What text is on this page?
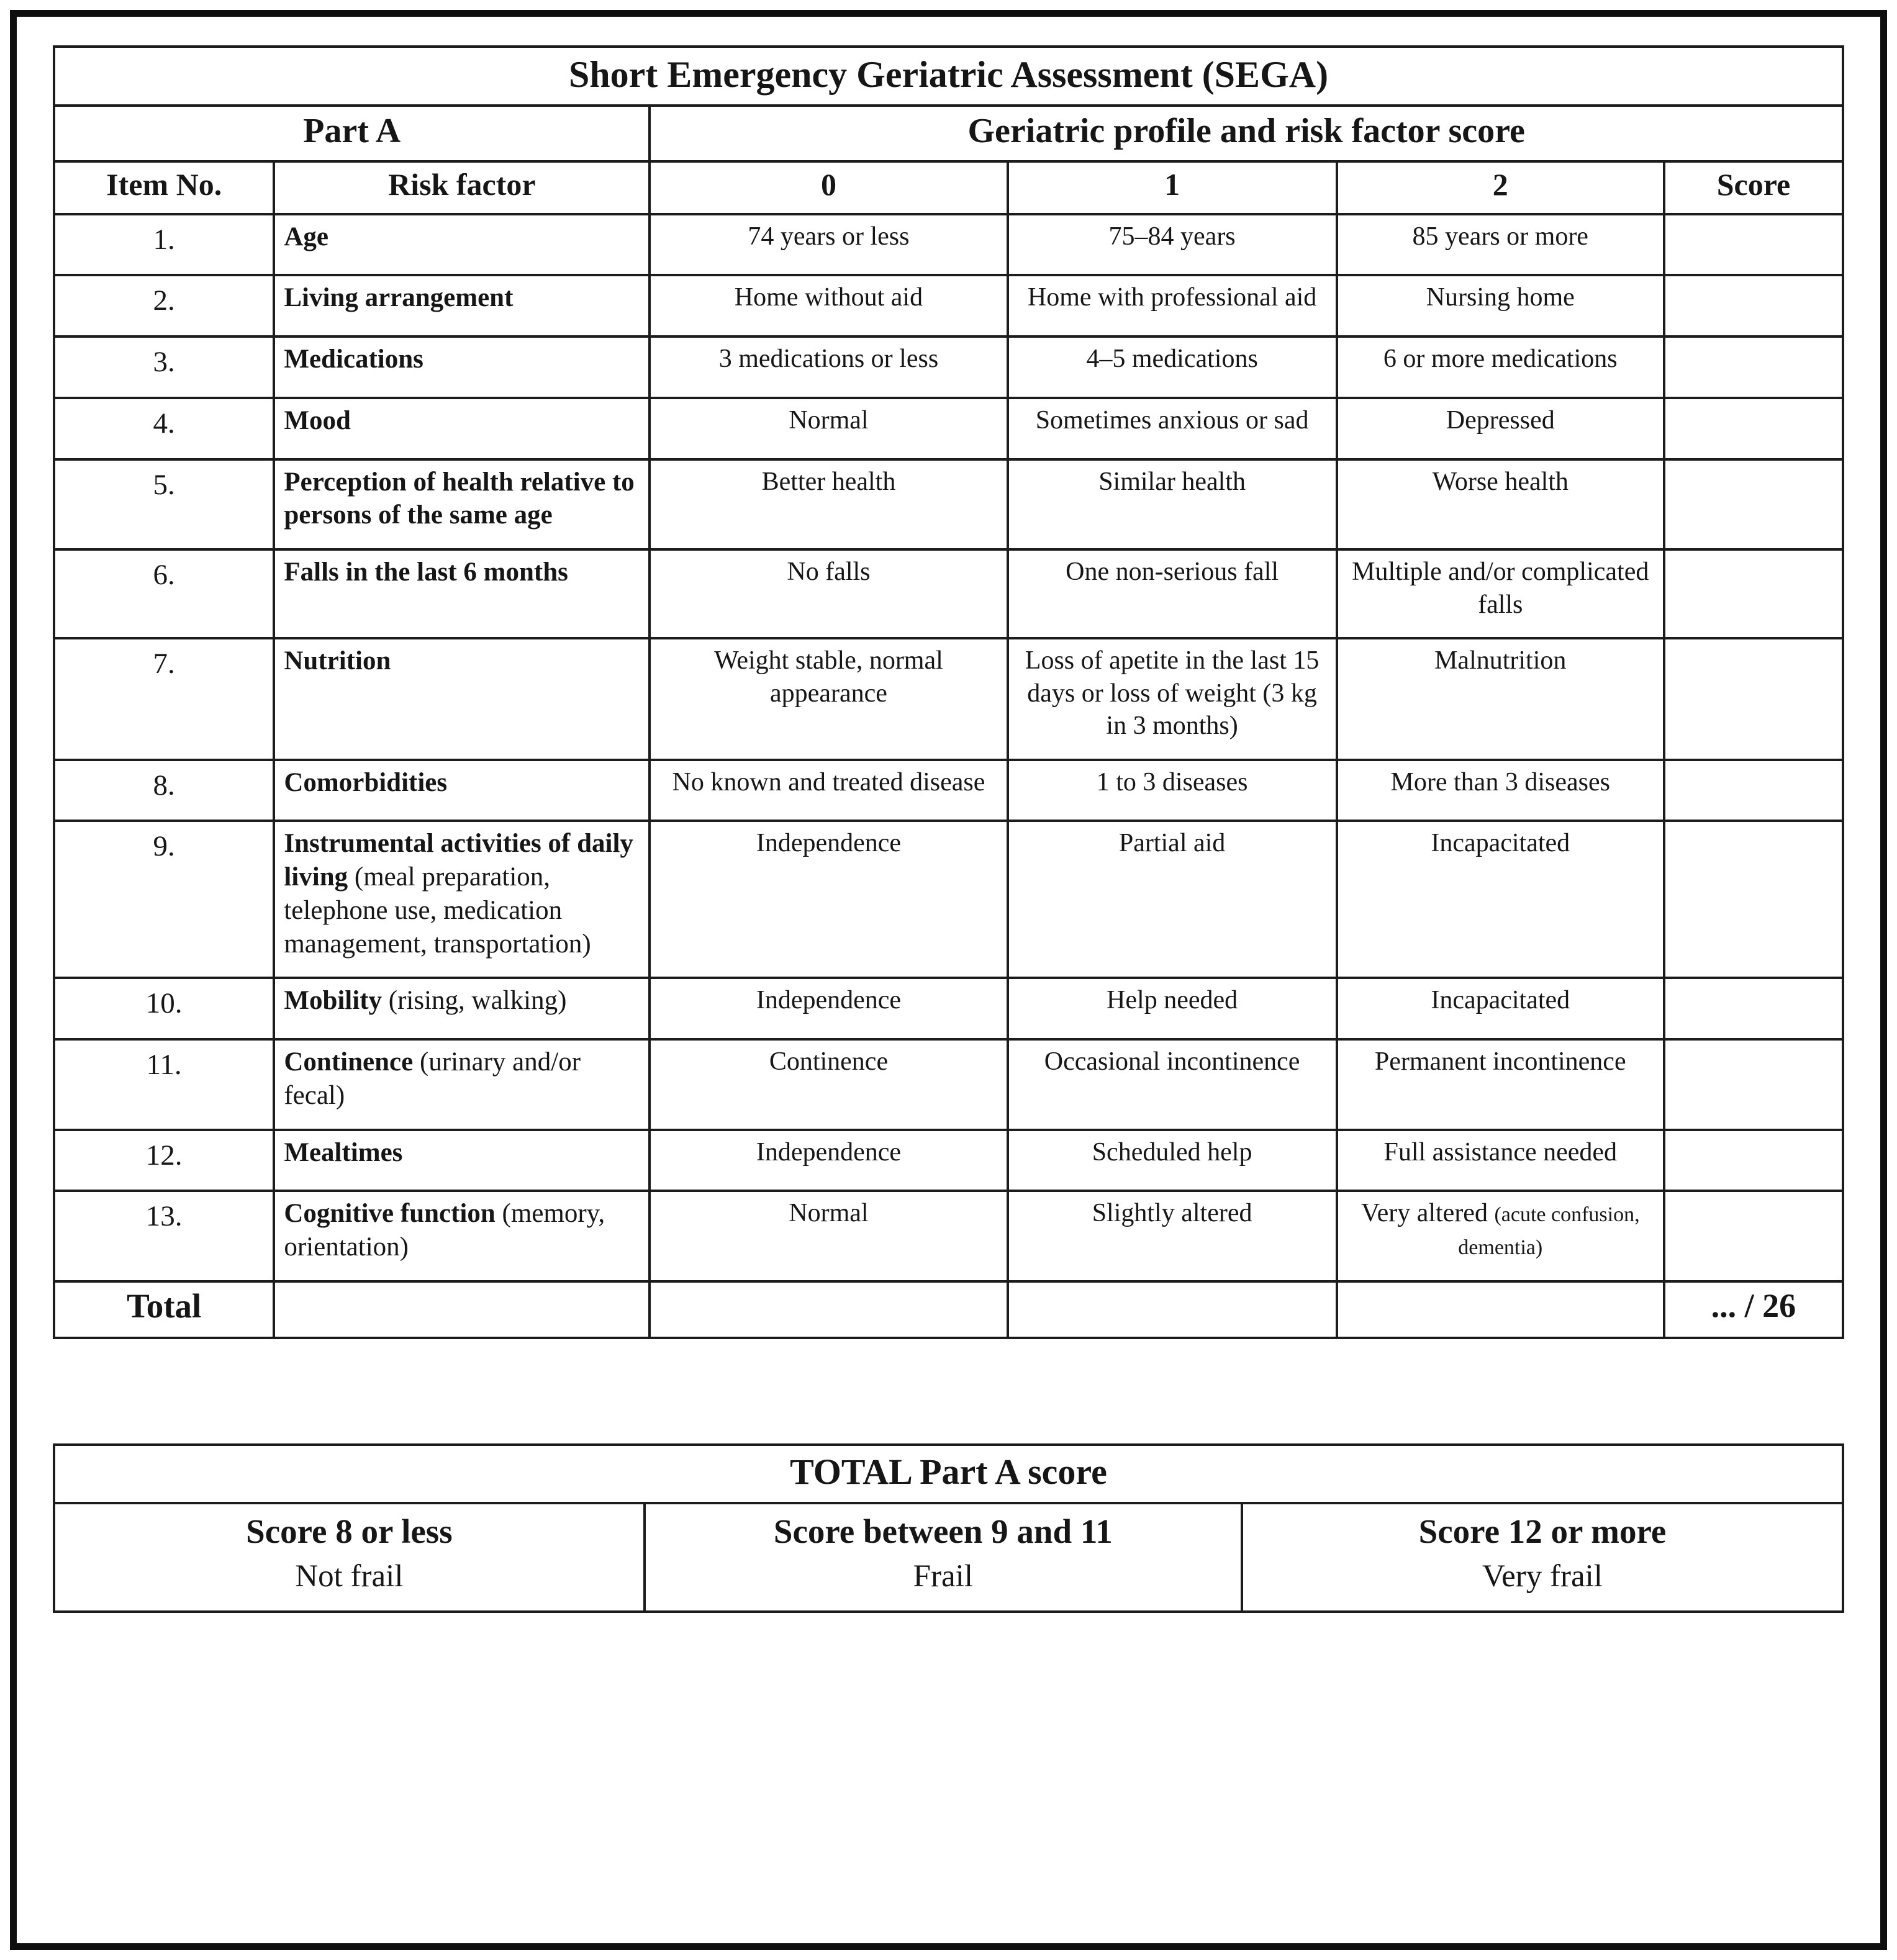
Short Emergency Geriatric Assessment (SEGA)					
Part A		Geriatric profile and risk factor score			
Item No.	Risk factor	0	1	2	Score
1.	Age	74 years or less	75–84 years	85 years or more	
2.	Living arrangement	Home without aid	Home with professional aid	Nursing home	
3.	Medications	3 medications or less	4–5 medications	6 or more medications	
4.	Mood	Normal	Sometimes anxious or sad	Depressed	
5.	Perception of health relative to persons of the same age	Better health	Similar health	Worse health	
6.	Falls in the last 6 months	No falls	One non-serious fall	Multiple and/or complicated falls	
7.	Nutrition	Weight stable, normal appearance	Loss of apetite in the last 15 days or loss of weight (3 kg in 3 months)	Malnutrition	
8.	Comorbidities	No known and treated disease	1 to 3 diseases	More than 3 diseases	
9.	Instrumental activities of daily living (meal preparation, telephone use, medication management, transportation)	Independence	Partial aid	Incapacitated	
10.	Mobility (rising, walking)	Independence	Help needed	Incapacitated	
11.	Continence (urinary and/or fecal)	Continence	Occasional incontinence	Permanent incontinence	
12.	Mealtimes	Independence	Scheduled help	Full assistance needed	
13.	Cognitive function (memory, orientation)	Normal	Slightly altered	Very altered (acute confusion, dementia)	
Total					... / 26
TOTAL Part A score

Score 8 or less
Not frail

Score between 9 and 11
Frail

Score 12 or more
Very frail
